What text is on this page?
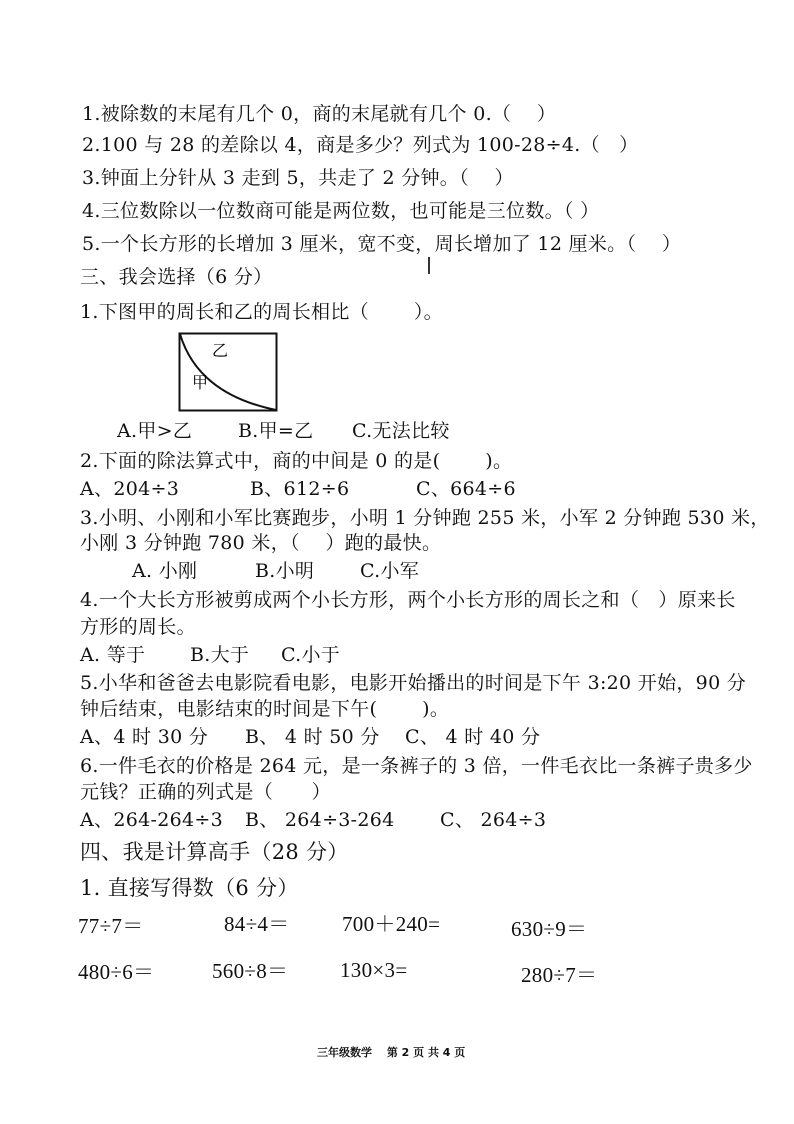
1.被除数的末尾有几个 0，商的末尾就有几个 0.（　 ）
2.100 与 28 的差除以 4，商是多少？列式为 100-28÷4.（　）
3.钟面上分针从 3 走到 5，共走了 2 分钟。（　 ）
4.三位数除以一位数商可能是两位数，也可能是三位数。（ ）
5.一个长方形的长增加 3 厘米，宽不变，周长增加了 12 厘米。（　 ）
三、我会选择（6 分）
1.下图甲的周长和乙的周长相比（　　 ）。
乙
甲
A.甲>乙 B.甲=乙 C.无法比较
2.下面的除法算式中，商的中间是 0 的是(　　 )。
A、204÷3	B、612÷6	C、664÷6
3.小明、小刚和小军比赛跑步，小明 1 分钟跑 255 米，小军 2 分钟跑 530 米，
小刚 3 分钟跑 780 米，（　 ）跑的最快。
A. 小刚	B.小明 C.小军
4.一个大长方形被剪成两个小长方形，两个小长方形的周长之和（　）原来长
方形的周长。
A. 等于 B.大于 C.小于
5.小华和爸爸去电影院看电影，电影开始播出的时间是下午 3:20 开始，90 分
钟后结束，电影结束的时间是下午(　　 )。
A、4 时 30 分 B、 4 时 50 分 C、 4 时 40 分
6.一件毛衣的价格是 264 元，是一条裤子的 3 倍，一件毛衣比一条裤子贵多少
元钱？正确的列式是（　　）
A、264-264÷3 B、 264÷3-264 C、 264÷3
四、我是计算高手（28 分）
1. 直接写得数（6 分）
77÷7＝	84÷4＝ 700＋240=	630÷9＝
480÷6＝	560÷8＝ 130×3=	280÷7＝
三年级数学　 第 2 页 共 4 页
